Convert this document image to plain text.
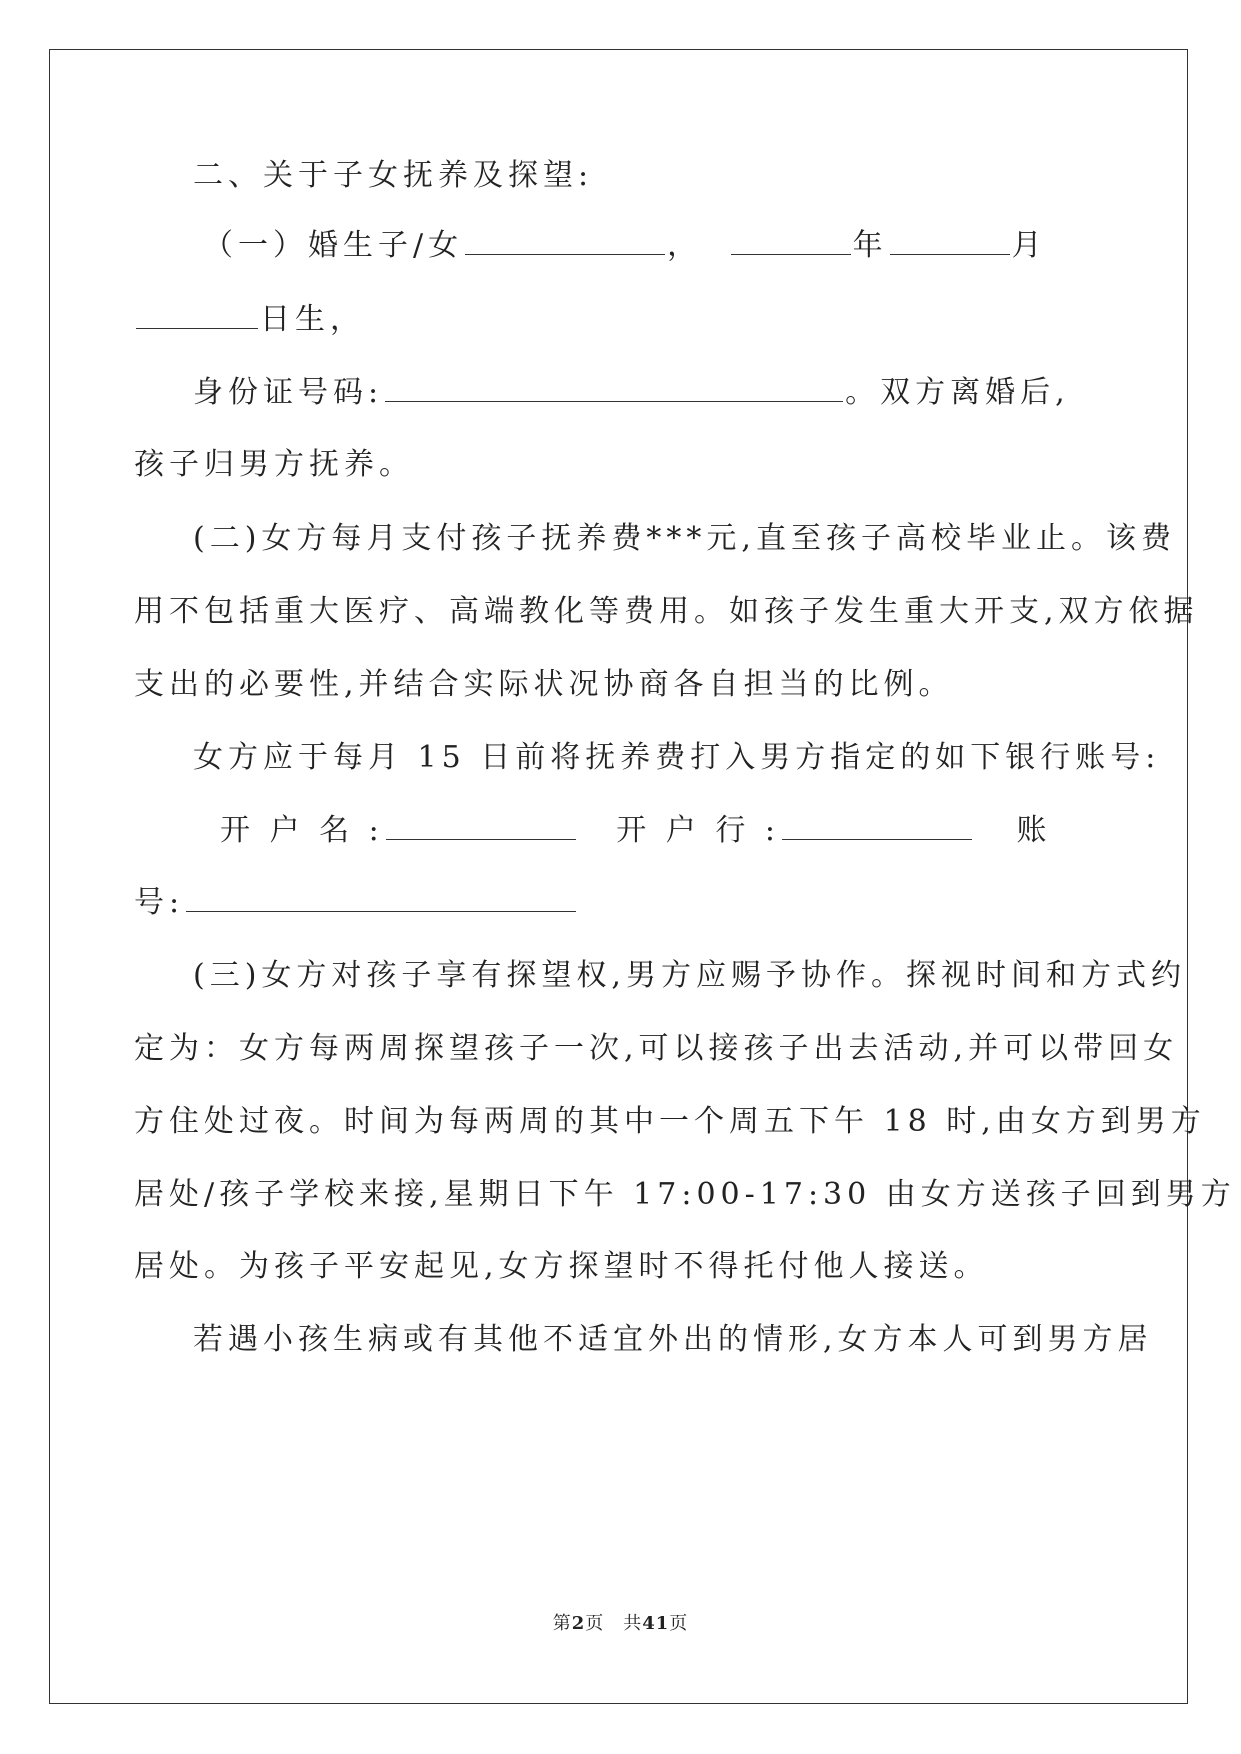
二、关于子女抚养及探望:
（一）婚生子/女	，	年	月
日生，
身份证号码:	。双方离婚后,
孩子归男方抚养。
(二)女方每月支付孩子抚养费***元,直至孩子高校毕业止。该费
用不包括重大医疗、高端教化等费用。如孩子发生重大开支,双方依据
支出的必要性,并结合实际状况协商各自担当的比例。
女方应于每月 15 日前将抚养费打入男方指定的如下银行账号:
开 户 名 :	开 户 行 :	账
号:
(三)女方对孩子享有探望权,男方应赐予协作。探视时间和方式约
定为：女方每两周探望孩子一次,可以接孩子出去活动,并可以带回女
方住处过夜。时间为每两周的其中一个周五下午 18 时,由女方到男方
居处/孩子学校来接,星期日下午 17:00-17:30 由女方送孩子回到男方
居处。为孩子平安起见,女方探望时不得托付他人接送。
若遇小孩生病或有其他不适宜外出的情形,女方本人可到男方居
第2页　共41页
